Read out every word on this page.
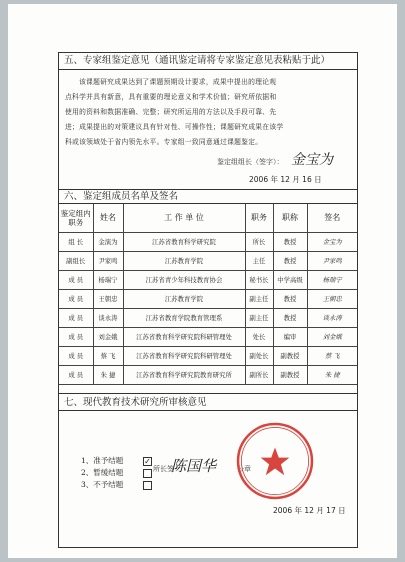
五、专家组鉴定意见（通讯鉴定请将专家鉴定意见表粘贴于此）
该课题研究成果达到了课题预期设计要求，成果中提出的理论观
点科学并具有新意，具有重要的理论意义和学术价值；研究所依据和
使用的资料和数据准确、完整；研究所运用的方法以及手段可靠、先
进；成果提出的对策建议具有针对性、可操作性；课题研究成果在该学
科或该领域处于省内领先水平。专家组一致同意通过课题鉴定。
鉴定组组长（签字）： 金宝为
2006 年 12 月 16 日
六、鉴定组成员名单及签名
鉴定组内职务	姓名	工 作 单 位	职务	职称	签名
组 长	金演为	江苏省教育科学研究院	所长	教授	金宝为
副组长	尹家鸣	江苏教育学院	主任	教授	尹家鸣
成 员	杨瑞宁	江苏省青少年科技教育协会	秘书长	中学高级	杨瑞宁
成 员	王朝忠	江苏教育学院	副主任	教授	王朝忠
成 员	谈永涛	江苏省教育学院教育管理系	副主任	教授	谈永涛
成 员	刘金娥	江苏省教育科学研究院科研管理处	处长	编审	刘金娥
成 员	蔡 飞	江苏省教育科学研究院科研管理处	副处长	副教授	蔡 飞
成 员	朱 捷	江苏省教育科学研究院教育研究所	副所长	副教授	朱 捷
七、现代教育技术研究所审核意见
1、准予结题	✓
2、暂缓结题
3、不予结题
所长签
陈国华	公章
2006 年 12 月 17 日
